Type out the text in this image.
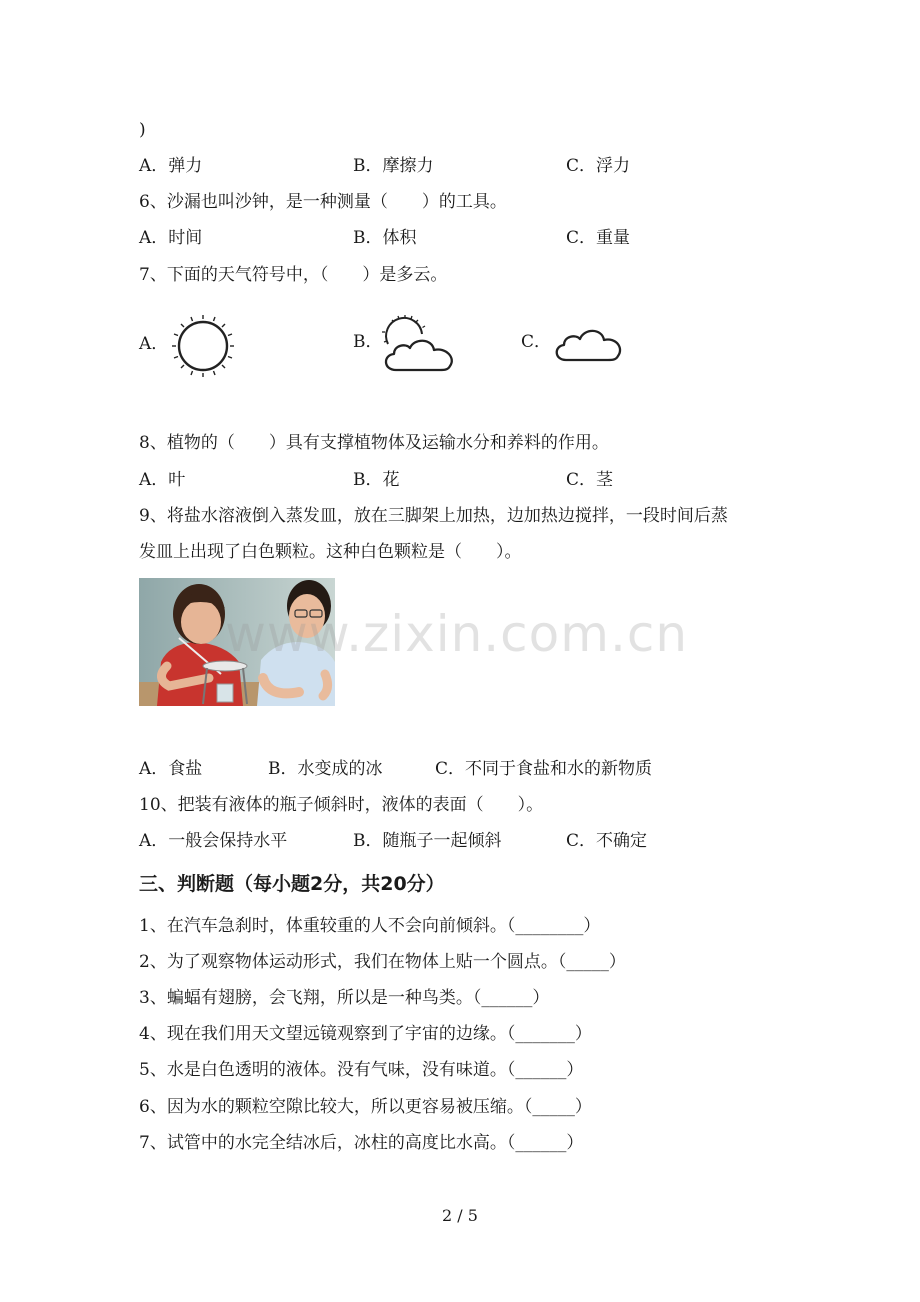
)
A．弹力	B．摩擦力	C．浮力
6、沙漏也叫沙钟，是一种测量（　　）的工具。
A．时间	B．体积	C．重量
7、下面的天气符号中，（　　）是多云。
A．	B．	C．
8、植物的（　　）具有支撑植物体及运输水分和养料的作用。
A．叶	B．花	C．茎
9、将盐水溶液倒入蒸发皿，放在三脚架上加热，边加热边搅拌，一段时间后蒸
发皿上出现了白色颗粒。这种白色颗粒是（　　）。
www.zixin.com.cn
A．食盐	B．水变成的冰	C．不同于食盐和水的新物质
10、把装有液体的瓶子倾斜时，液体的表面（　　）。
A．一般会保持水平	B．随瓶子一起倾斜	C．不确定
三、判断题（每小题2分，共20分）
1、在汽车急刹时，体重较重的人不会向前倾斜。（________）
2、为了观察物体运动形式，我们在物体上贴一个圆点。（_____）
3、蝙蝠有翅膀，会飞翔，所以是一种鸟类。（______）
4、现在我们用天文望远镜观察到了宇宙的边缘。（_______）
5、水是白色透明的液体。没有气味，没有味道。（______）
6、因为水的颗粒空隙比较大，所以更容易被压缩。（_____）
7、试管中的水完全结冰后，冰柱的高度比水高。（______）
2 / 5
